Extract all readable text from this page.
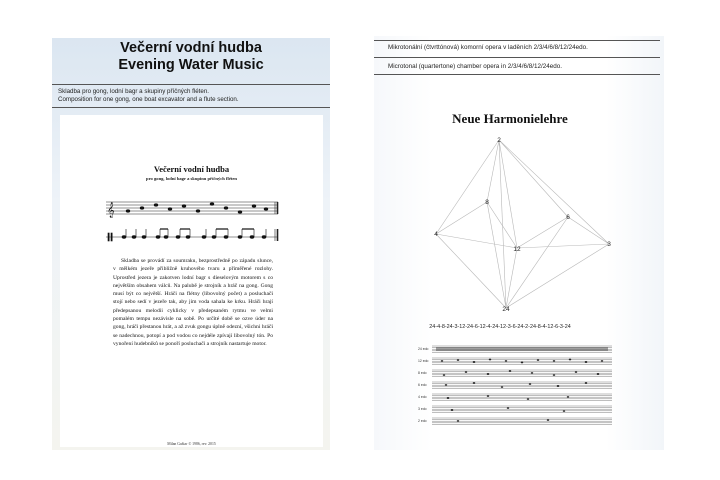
Večerní vodní hudba
Evening Water Music
Skladba pro gong, lodní bagr a skupiny příčných fléten.
Composition for one gong, one boat excavator and a flute section.
Večerní vodní hudba
pro gong, lodní bagr a skupinu příčných fléten
𝄞
Skladba se provádí za soumraku, bezprostředně po západu slunce, v mělkém jezeře přibližně kruhového tvaru a přiměřené rozlohy. Uprostřed jezera je zakotven lodní bagr s dieselovým motorem s co největším obsahem válců. Na palubě je strojník a hráč na gong. Gong musí být co největší. Hráči na flétny (libovolný počet) a posluchači stojí nebo sedí v jezeře tak, aby jim voda sahala ke krku. Hráči hrají předepsanou melodii cyklicky v předepsaném rytmu ve velmi pomalém tempu nezávisle na sobě. Po určité době se ozve úder na gong, hráči přestanou hrát, a až zvuk gongu úplně odezní, všichni hráči se nadechnou, potopí a pod vodou co nejdéle zpívají libovolný tón. Po vynoření hudebníků se ponoří posluchači a strojník nastartuje motor.
Milan Guštar © 1986, rev. 2015
Mikrotonální (čtvrttónová) komorní opera v laděních 2/3/4/6/8/12/24edo.
Microtonal (quartertone) chamber opera in 2/3/4/6/8/12/24edo.
Neue Harmonielehre
2
8
6
4
12
3
24
24-4-8-24-3-12-24-6-12-4-24-12-3-6-24-2-24-8-4-12-6-3-24
24 edo
12 edo
8 edo
6 edo
4 edo
3 edo
2 edo
